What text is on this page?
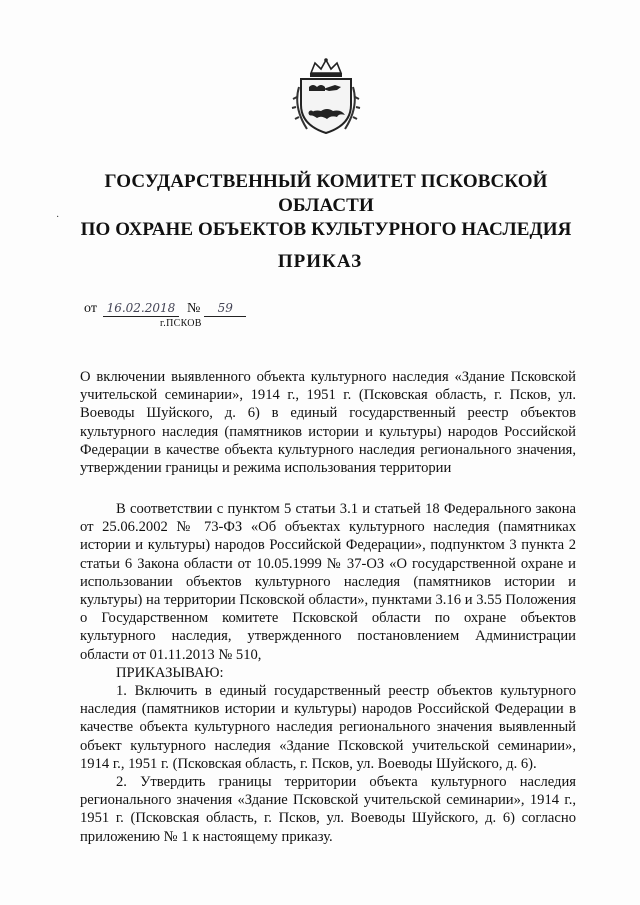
ГОСУДАРСТВЕННЫЙ КОМИТЕТ ПСКОВСКОЙ ОБЛАСТИ
ПО ОХРАНЕ ОБЪЕКТОВ КУЛЬТУРНОГО НАСЛЕДИЯ
ПРИКАЗ
от 16.02.2018 № 59
г.ПСКОВ
·
О включении выявленного объекта культурного наследия «Здание Псковской учительской семинарии», 1914 г., 1951 г. (Псковская область, г. Псков, ул. Воеводы Шуйского, д. 6) в единый государственный реестр объектов культурного наследия (памятников истории и культуры) народов Российской Федерации в качестве объекта культурного наследия регионального значения, утверждении границы и режима использования территории

В соответствии с пунктом 5 статьи 3.1 и статьей 18 Федерального закона от 25.06.2002 № 73-ФЗ «Об объектах культурного наследия (памятниках истории и культуры) народов Российской Федерации», подпунктом 3 пункта 2 статьи 6 Закона области от 10.05.1999 № 37-ОЗ «О государственной охране и использовании объектов культурного наследия (памятников истории и культуры) на территории Псковской области», пунктами 3.16 и 3.55 Положения о Государственном комитете Псковской области по охране объектов культурного наследия, утвержденного постановлением Администрации области от 01.11.2013 № 510,

ПРИКАЗЫВАЮ:

1. Включить в единый государственный реестр объектов культурного наследия (памятников истории и культуры) народов Российской Федерации в качестве объекта культурного наследия регионального значения выявленный объект культурного наследия «Здание Псковской учительской семинарии», 1914 г., 1951 г. (Псковская область, г. Псков, ул. Воеводы Шуйского, д. 6).

2. Утвердить границы территории объекта культурного наследия регионального значения «Здание Псковской учительской семинарии», 1914 г., 1951 г. (Псковская область, г. Псков, ул. Воеводы Шуйского, д. 6) согласно приложению № 1 к настоящему приказу.
